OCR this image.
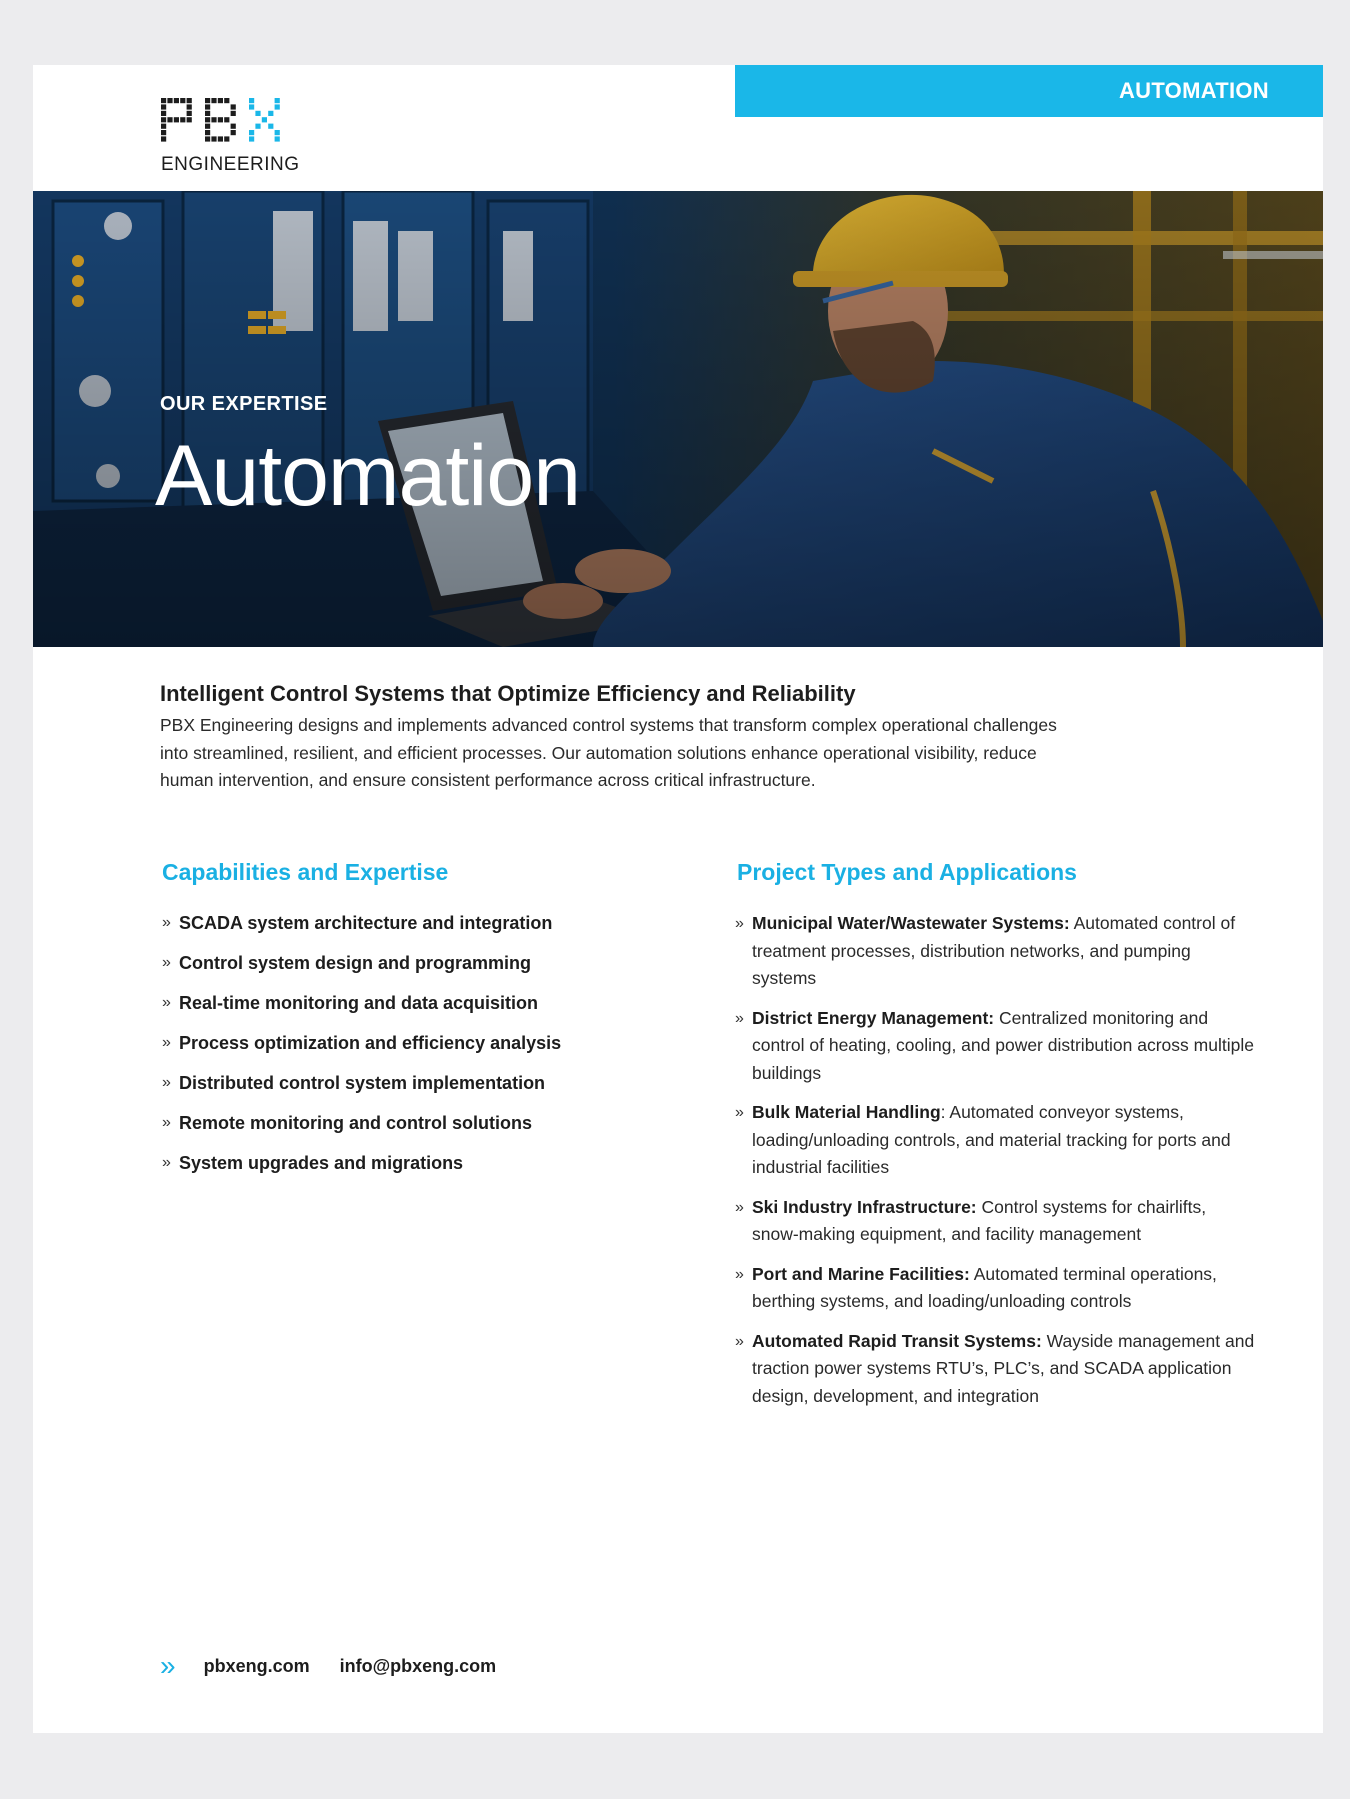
AUTOMATION
ENGINEERING
OUR EXPERTISE
Automation
Intelligent Control Systems that Optimize Efficiency and Reliability

PBX Engineering designs and implements advanced control systems that transform complex operational challenges into streamlined, resilient, and efficient processes. Our automation solutions enhance operational visibility, reduce human intervention, and ensure consistent performance across critical infrastructure.

Capabilities and Expertise
» SCADA system architecture and integration
» Control system design and programming
» Real-time monitoring and data acquisition
» Process optimization and efficiency analysis
» Distributed control system implementation
» Remote monitoring and control solutions
» System upgrades and migrations
Project Types and Applications
» Municipal Water/Wastewater Systems: Automated control of treatment processes, distribution networks, and pumping systems
» District Energy Management: Centralized monitoring and control of heating, cooling, and power distribution across multiple buildings
» Bulk Material Handling: Automated conveyor systems, loading/unloading controls, and material tracking for ports and industrial facilities
» Ski Industry Infrastructure: Control systems for chairlifts, snow-making equipment, and facility management
» Port and Marine Facilities: Automated terminal operations, berthing systems, and loading/unloading controls
» Automated Rapid Transit Systems: Wayside management and traction power systems RTU’s, PLC’s, and SCADA application design, development, and integration
» pbxeng.com info@pbxeng.com
